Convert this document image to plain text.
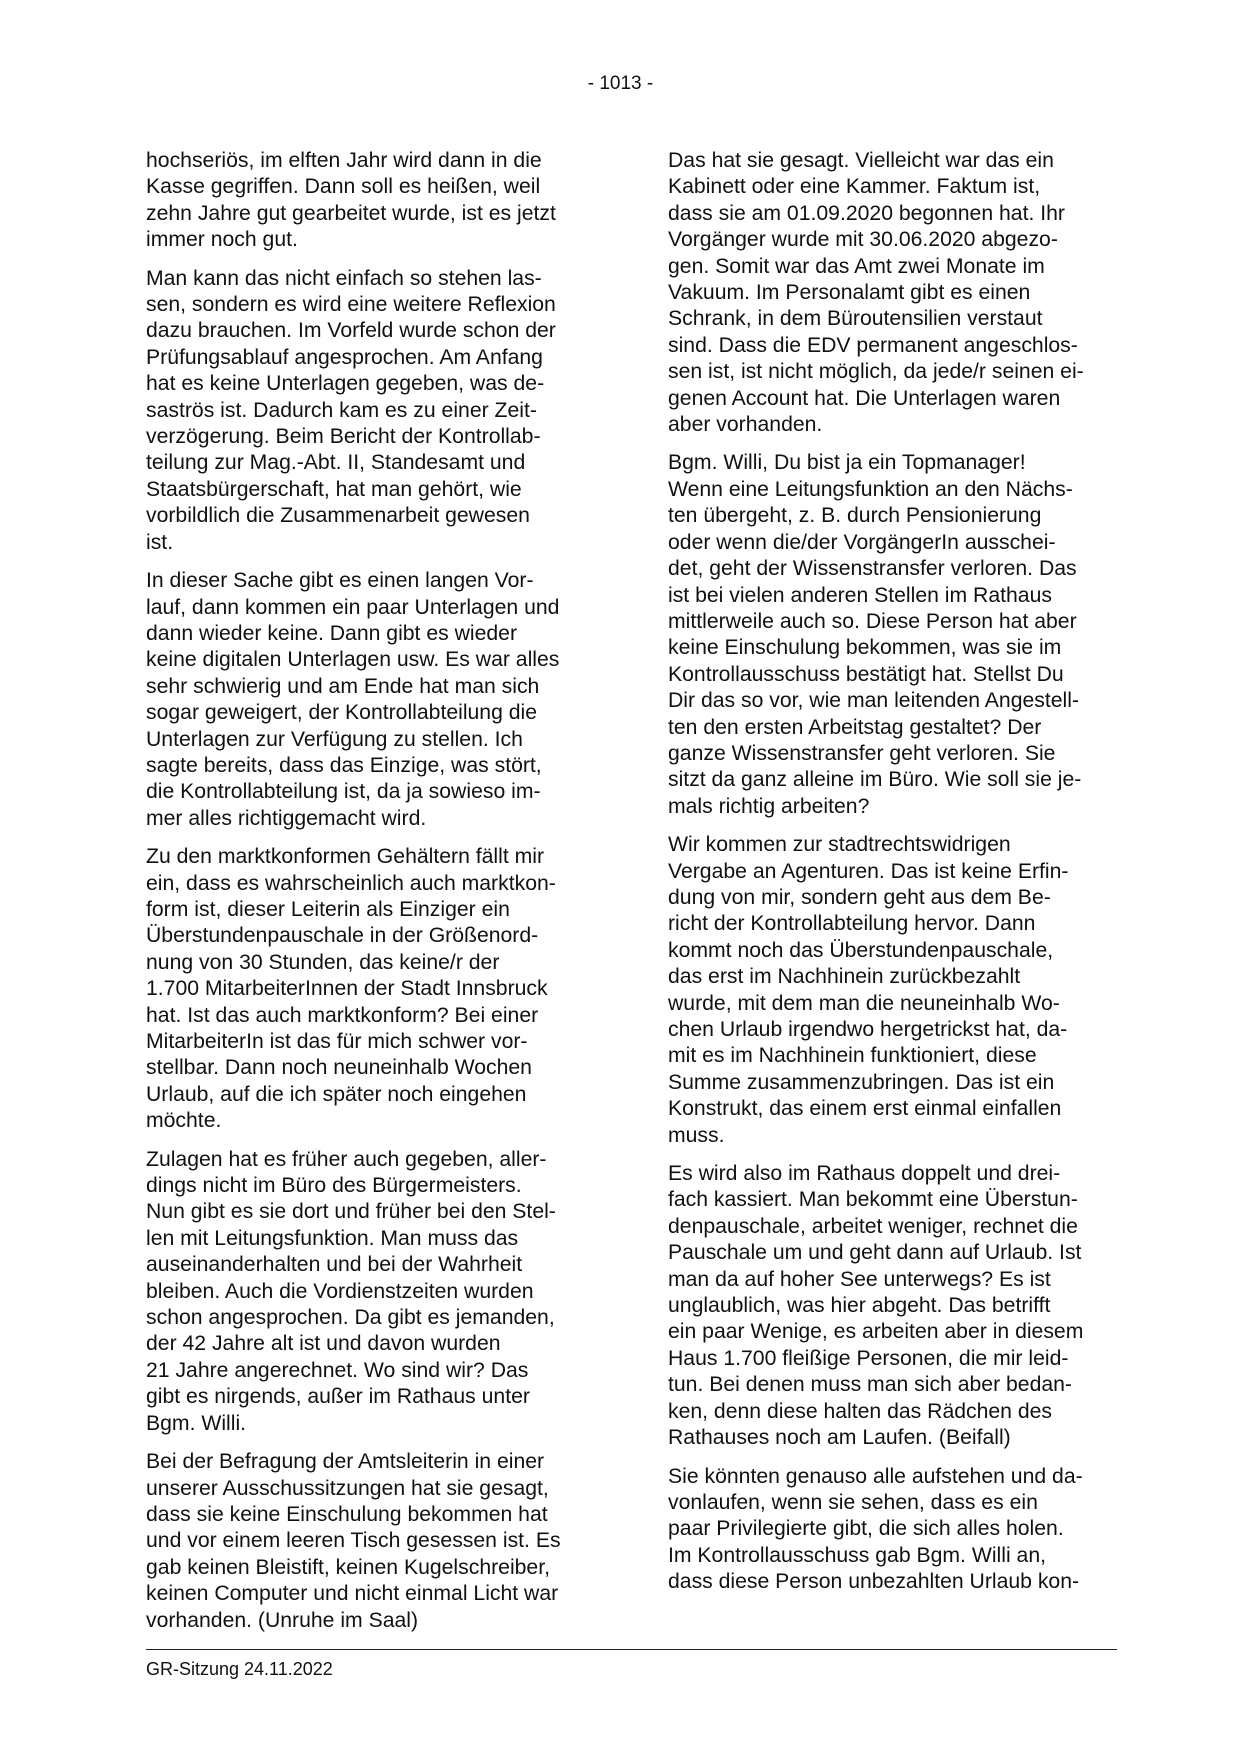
- 1013 -

hochseriös, im elften Jahr wird dann in die
Kasse gegriffen. Dann soll es heißen, weil
zehn Jahre gut gearbeitet wurde, ist es jetzt
immer noch gut.

Man kann das nicht einfach so stehen las-
sen, sondern es wird eine weitere Reflexion
dazu brauchen. Im Vorfeld wurde schon der
Prüfungsablauf angesprochen. Am Anfang
hat es keine Unterlagen gegeben, was de-
saströs ist. Dadurch kam es zu einer Zeit-
verzögerung. Beim Bericht der Kontrollab-
teilung zur Mag.-Abt. II, Standesamt und
Staatsbürgerschaft, hat man gehört, wie
vorbildlich die Zusammenarbeit gewesen
ist.

In dieser Sache gibt es einen langen Vor-
lauf, dann kommen ein paar Unterlagen und
dann wieder keine. Dann gibt es wieder
keine digitalen Unterlagen usw. Es war alles
sehr schwierig und am Ende hat man sich
sogar geweigert, der Kontrollabteilung die
Unterlagen zur Verfügung zu stellen. Ich
sagte bereits, dass das Einzige, was stört,
die Kontrollabteilung ist, da ja sowieso im-
mer alles richtiggemacht wird.

Zu den marktkonformen Gehältern fällt mir
ein, dass es wahrscheinlich auch marktkon-
form ist, dieser Leiterin als Einziger ein
Überstundenpauschale in der Größenord-
nung von 30 Stunden, das keine/r der
1.700 MitarbeiterInnen der Stadt Innsbruck
hat. Ist das auch marktkonform? Bei einer
MitarbeiterIn ist das für mich schwer vor-
stellbar. Dann noch neuneinhalb Wochen
Urlaub, auf die ich später noch eingehen
möchte.

Zulagen hat es früher auch gegeben, aller-
dings nicht im Büro des Bürgermeisters.
Nun gibt es sie dort und früher bei den Stel-
len mit Leitungsfunktion. Man muss das
auseinanderhalten und bei der Wahrheit
bleiben. Auch die Vordienstzeiten wurden
schon angesprochen. Da gibt es jemanden,
der 42 Jahre alt ist und davon wurden
21 Jahre angerechnet. Wo sind wir? Das
gibt es nirgends, außer im Rathaus unter
Bgm. Willi.

Bei der Befragung der Amtsleiterin in einer
unserer Ausschussitzungen hat sie gesagt,
dass sie keine Einschulung bekommen hat
und vor einem leeren Tisch gesessen ist. Es
gab keinen Bleistift, keinen Kugelschreiber,
keinen Computer und nicht einmal Licht war
vorhanden. (Unruhe im Saal)

Das hat sie gesagt. Vielleicht war das ein
Kabinett oder eine Kammer. Faktum ist,
dass sie am 01.09.2020 begonnen hat. Ihr
Vorgänger wurde mit 30.06.2020 abgezo-
gen. Somit war das Amt zwei Monate im
Vakuum. Im Personalamt gibt es einen
Schrank, in dem Büroutensilien verstaut
sind. Dass die EDV permanent angeschlos-
sen ist, ist nicht möglich, da jede/r seinen ei-
genen Account hat. Die Unterlagen waren
aber vorhanden.

Bgm. Willi, Du bist ja ein Topmanager!
Wenn eine Leitungsfunktion an den Nächs-
ten übergeht, z. B. durch Pensionierung
oder wenn die/der VorgängerIn ausschei-
det, geht der Wissenstransfer verloren. Das
ist bei vielen anderen Stellen im Rathaus
mittlerweile auch so. Diese Person hat aber
keine Einschulung bekommen, was sie im
Kontrollausschuss bestätigt hat. Stellst Du
Dir das so vor, wie man leitenden Angestell-
ten den ersten Arbeitstag gestaltet? Der
ganze Wissenstransfer geht verloren. Sie
sitzt da ganz alleine im Büro. Wie soll sie je-
mals richtig arbeiten?

Wir kommen zur stadtrechtswidrigen
Vergabe an Agenturen. Das ist keine Erfin-
dung von mir, sondern geht aus dem Be-
richt der Kontrollabteilung hervor. Dann
kommt noch das Überstundenpauschale,
das erst im Nachhinein zurückbezahlt
wurde, mit dem man die neuneinhalb Wo-
chen Urlaub irgendwo hergetrickst hat, da-
mit es im Nachhinein funktioniert, diese
Summe zusammenzubringen. Das ist ein
Konstrukt, das einem erst einmal einfallen
muss.

Es wird also im Rathaus doppelt und drei-
fach kassiert. Man bekommt eine Überstun-
denpauschale, arbeitet weniger, rechnet die
Pauschale um und geht dann auf Urlaub. Ist
man da auf hoher See unterwegs? Es ist
unglaublich, was hier abgeht. Das betrifft
ein paar Wenige, es arbeiten aber in diesem
Haus 1.700 fleißige Personen, die mir leid-
tun. Bei denen muss man sich aber bedan-
ken, denn diese halten das Rädchen des
Rathauses noch am Laufen. (Beifall)

Sie könnten genauso alle aufstehen und da-
vonlaufen, wenn sie sehen, dass es ein
paar Privilegierte gibt, die sich alles holen.
Im Kontrollausschuss gab Bgm. Willi an,
dass diese Person unbezahlten Urlaub kon-

GR-Sitzung 24.11.2022
